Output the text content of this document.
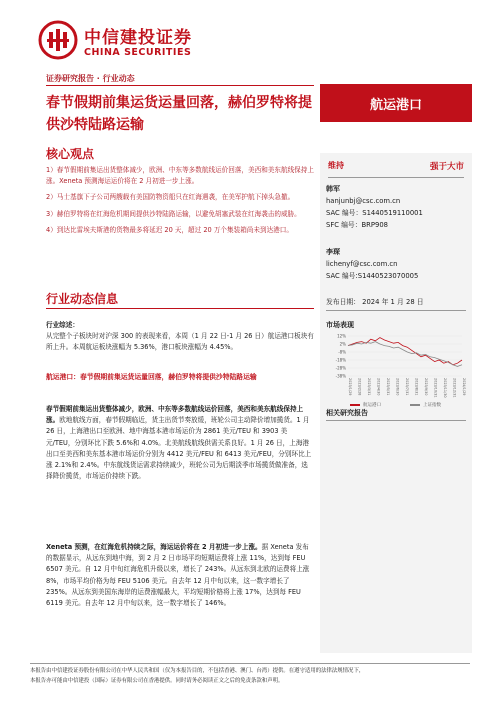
中信建投证券
CHINA SECURITIES
证券研究报告 · 行业动态
春节假期前集运货运量回落，赫伯罗特将提供沙特陆路运输
航运港口
核心观点

1）春节假期前集运出货整体减少，欧洲、中东等多数航线运价回落，美西和美东航线保持上涨。Xeneta 预测海运运价将在 2 月初进一步上涨。

2）马士基旗下子公司两艘载有美国防物资船只在红海遇袭，在美军护航下掉头急撤。

3）赫伯罗特将在红海危机期间提供沙特陆路运输，以避免胡塞武装在红海袭击的威胁。

4）到达比雷埃夫斯港的货物最多将延迟 20 天，超过 20 万个集装箱尚未到达港口。

行业动态信息
行业综述：
从完整个子板块时对沪深 300 的表现来看，本周（1 月 22 日-1 月 26 日）航运港口板块有所上升。本周航运板块涨幅为 5.36%，港口板块涨幅为 4.45%。
航运港口：春节假期前集运货运量回落，赫伯罗特将提供沙特陆路运输
春节假期前集运出货整体减少，欧洲、中东等多数航线运价回落，美西和美东航线保持上涨。欧地航线方面，春节假期临近，货主出货节奏放缓，班轮公司主动降价增加揽货。1 月 26 日，上海港出口至欧洲、地中海基本港市场运价为 2861 美元/TEU 和 3903 美元/TEU，分别环比下跌 5.6%和 4.0%。北美航线航线供需关系良好。1 月 26 日，上海港出口至美西和美东基本港市场运价分别为 4412 美元/FEU 和 6413 美元/FEU，分别环比上涨 2.1%和 2.4%。中东航线货运需求持续减少，班轮公司为后期淡季市场揽货做准备，选择降价揽货，市场运价持续下跌。
Xeneta 预测，在红海危机持续之际，海运运价将在 2 月初进一步上涨。据 Xeneta 发布的数据显示，从远东到地中海，到 2 月 2 日市场平均短期运费将上涨 11%，达到每 FEU 6507 美元。自 12 月中旬红海危机升级以来，增长了 243%。从远东到北欧的运费将上涨 8%，市场平均价格为每 FEU 5106 美元。自去年 12 月中旬以来，这一数字增长了 235%。从远东到美国东海岸的运费涨幅最大，平均短期价格将上涨 17%，达到每 FEU 6119 美元。自去年 12 月中旬以来，这一数字增长了 146%。
维持	强于大市
韩军
hanjunbj@csc.com.cn
SAC 编号：S1440519110001
SFC 编号：BRP908
李琛
lichenyf@csc.com.cn
SAC 编号:S1440523070005
发布日期： 2024 年 1 月 28 日
市场表现
12%
2%
-8%
-18%
-28%
-38%
2023/1/29 2023/2/28 2023/3/31 2023/4/30 2023/5/31 2023/6/30 2023/7/31 2023/8/31 2023/9/30 2023/10/31 2023/11/30 2023/12/31 2024/1/29
航运港口	上证指数
相关研究报告
本报告由中信建投证券股份有限公司在中华人民共和国（仅为本报告目的，不包括香港、澳门、台湾）提供。在遵守适用的法律法规情况下，
本报告亦可能由中信建投（国际）证券有限公司在香港提供。同时请务必阅读正文之后的免责条款和声明。
